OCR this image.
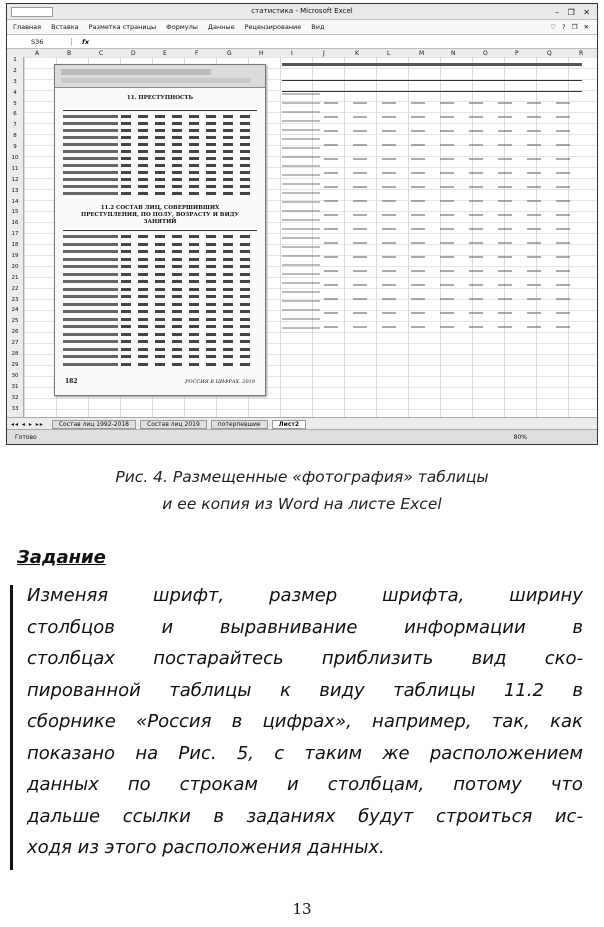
статистика - Microsoft Excel	– ❐ ✕
Главная Вставка Разметка страницы Формулы Данные Рецензирование Вид	♡ ? ❐ ✕
S36	fx
A	B	C	D	E	F	G	H	I	J	K	L	M	N	O	P	Q	R
1
2
3
4
5
6
7
8
9
10
11
12
13
14
15
16
17
18
19
20
21
22
23
24
25
26
27
28
29
30
31
32
33
11. ПРЕСТУПНОСТЬ
11.2 СОСТАВ ЛИЦ, СОВЕРШИВШИХ ПРЕСТУПЛЕНИЯ, ПО ПОЛУ, ВОЗРАСТУ И ВИДУ ЗАНЯТИЙ
182	РОССИЯ В ЦИФРАХ. 2019
◂◂ ◂ ▸ ▸▸	Состав лиц 1992-2018	Состав лиц 2019	потерпевшие	Лист2
Готово	80%
Рис. 4. Размещенные «фотография» таблицы
и ее копия из Word на листе Excel
Задание
Изменяя шрифт, размер шрифта, ширину
столбцов	и	выравнивание	информации	в
столбцах постарайтесь приблизить вид ско-
пированной таблицы к виду таблицы 11.2 в
сборнике «Россия в цифрах», например, так, как
показано на Рис. 5, с таким же расположением
данных по строкам и столбцам, потому что
дальше ссылки в заданиях будут строиться ис-
ходя из этого расположения данных.
13
